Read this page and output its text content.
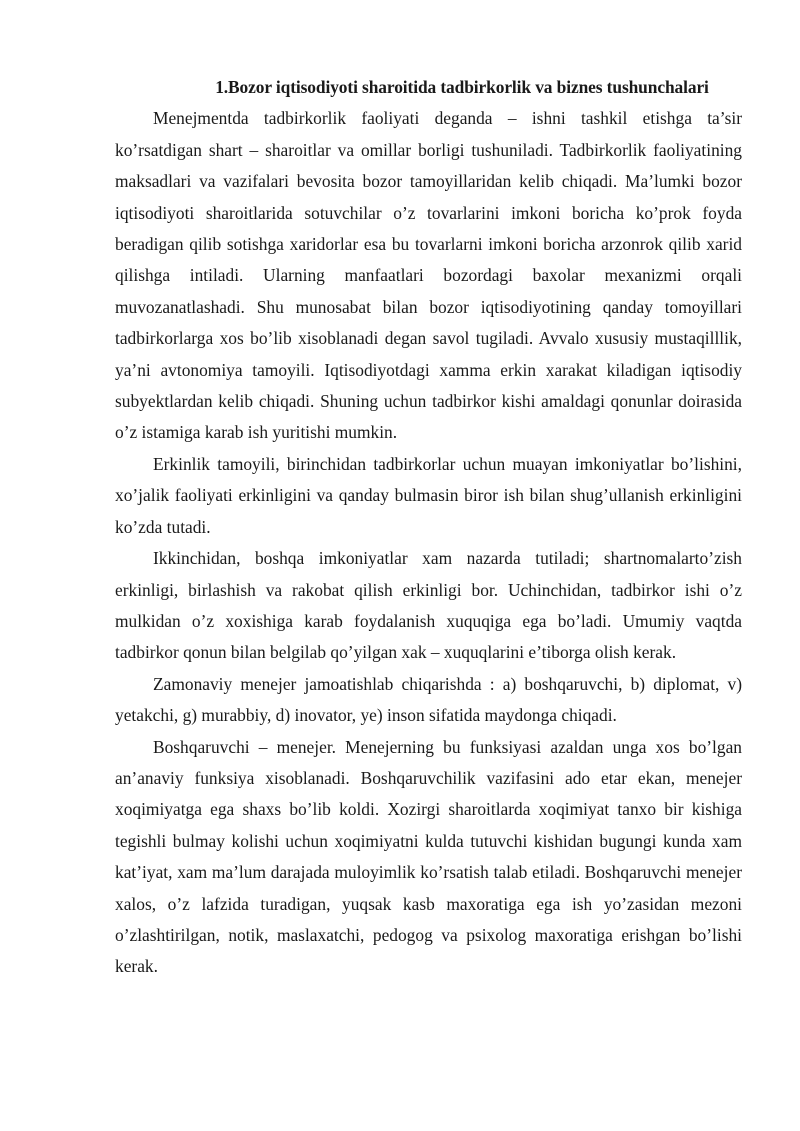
1.Bozor iqtisodiyoti sharoitida tadbirkorlik va biznes tushunchalari

Menejmentda tadbirkorlik faoliyati deganda – ishni tashkil etishga ta’sir ko’rsatdigan shart – sharoitlar va omillar borligi tushuniladi. Tadbirkorlik faoliyatining maksadlari va vazifalari bevosita bozor tamoyillaridan kelib chiqadi. Ma’lumki bozor iqtisodiyoti sharoitlarida sotuvchilar o’z tovarlarini imkoni boricha ko’prok foyda beradigan qilib sotishga xaridorlar esa bu tovarlarni imkoni boricha arzonrok qilib xarid qilishga intiladi. Ularning manfaatlari bozordagi baxolar mexanizmi orqali muvozanatlashadi. Shu munosabat bilan bozor iqtisodiyotining qanday tomoyillari tadbirkorlarga xos bo’lib xisoblanadi degan savol tugiladi. Avvalo xususiy mustaqilllik, ya’ni avtonomiya tamoyili. Iqtisodiyotdagi xamma erkin xarakat kiladigan iqtisodiy subyektlardan kelib chiqadi. Shuning uchun tadbirkor kishi amaldagi qonunlar doirasida o’z istamiga karab ish yuritishi mumkin.

Erkinlik tamoyili, birinchidan tadbirkorlar uchun muayan imkoniyatlar bo’lishini, xo’jalik faoliyati erkinligini va qanday bulmasin biror ish bilan shug’ullanish erkinligini ko’zda tutadi.

Ikkinchidan, boshqa imkoniyatlar xam nazarda tutiladi; shartnomalarto’zish erkinligi, birlashish va rakobat qilish erkinligi bor. Uchinchidan, tadbirkor ishi o’z mulkidan o’z xoxishiga karab foydalanish xuquqiga ega bo’ladi. Umumiy vaqtda tadbirkor qonun bilan belgilab qo’yilgan xak – xuquqlarini e’tiborga olish kerak.

Zamonaviy menejer jamoatishlab chiqarishda : a) boshqaruvchi, b) diplomat, v) yetakchi, g) murabbiy, d) inovator, ye) inson sifatida maydonga chiqadi.

Boshqaruvchi – menejer. Menejerning bu funksiyasi azaldan unga xos bo’lgan an’anaviy funksiya xisoblanadi. Boshqaruvchilik vazifasini ado etar ekan, menejer xoqimiyatga ega shaxs bo’lib koldi. Xozirgi sharoitlarda xoqimiyat tanxo bir kishiga tegishli bulmay kolishi uchun xoqimiyatni kulda tutuvchi kishidan bugungi kunda xam kat’iyat, xam ma’lum darajada muloyimlik ko’rsatish talab etiladi. Boshqaruvchi menejer xalos, o’z lafzida turadigan, yuqsak kasb maxoratiga ega ish yo’zasidan mezoni o’zlashtirilgan, notik, maslaxatchi, pedogog va psixolog maxoratiga erishgan bo’lishi kerak.
